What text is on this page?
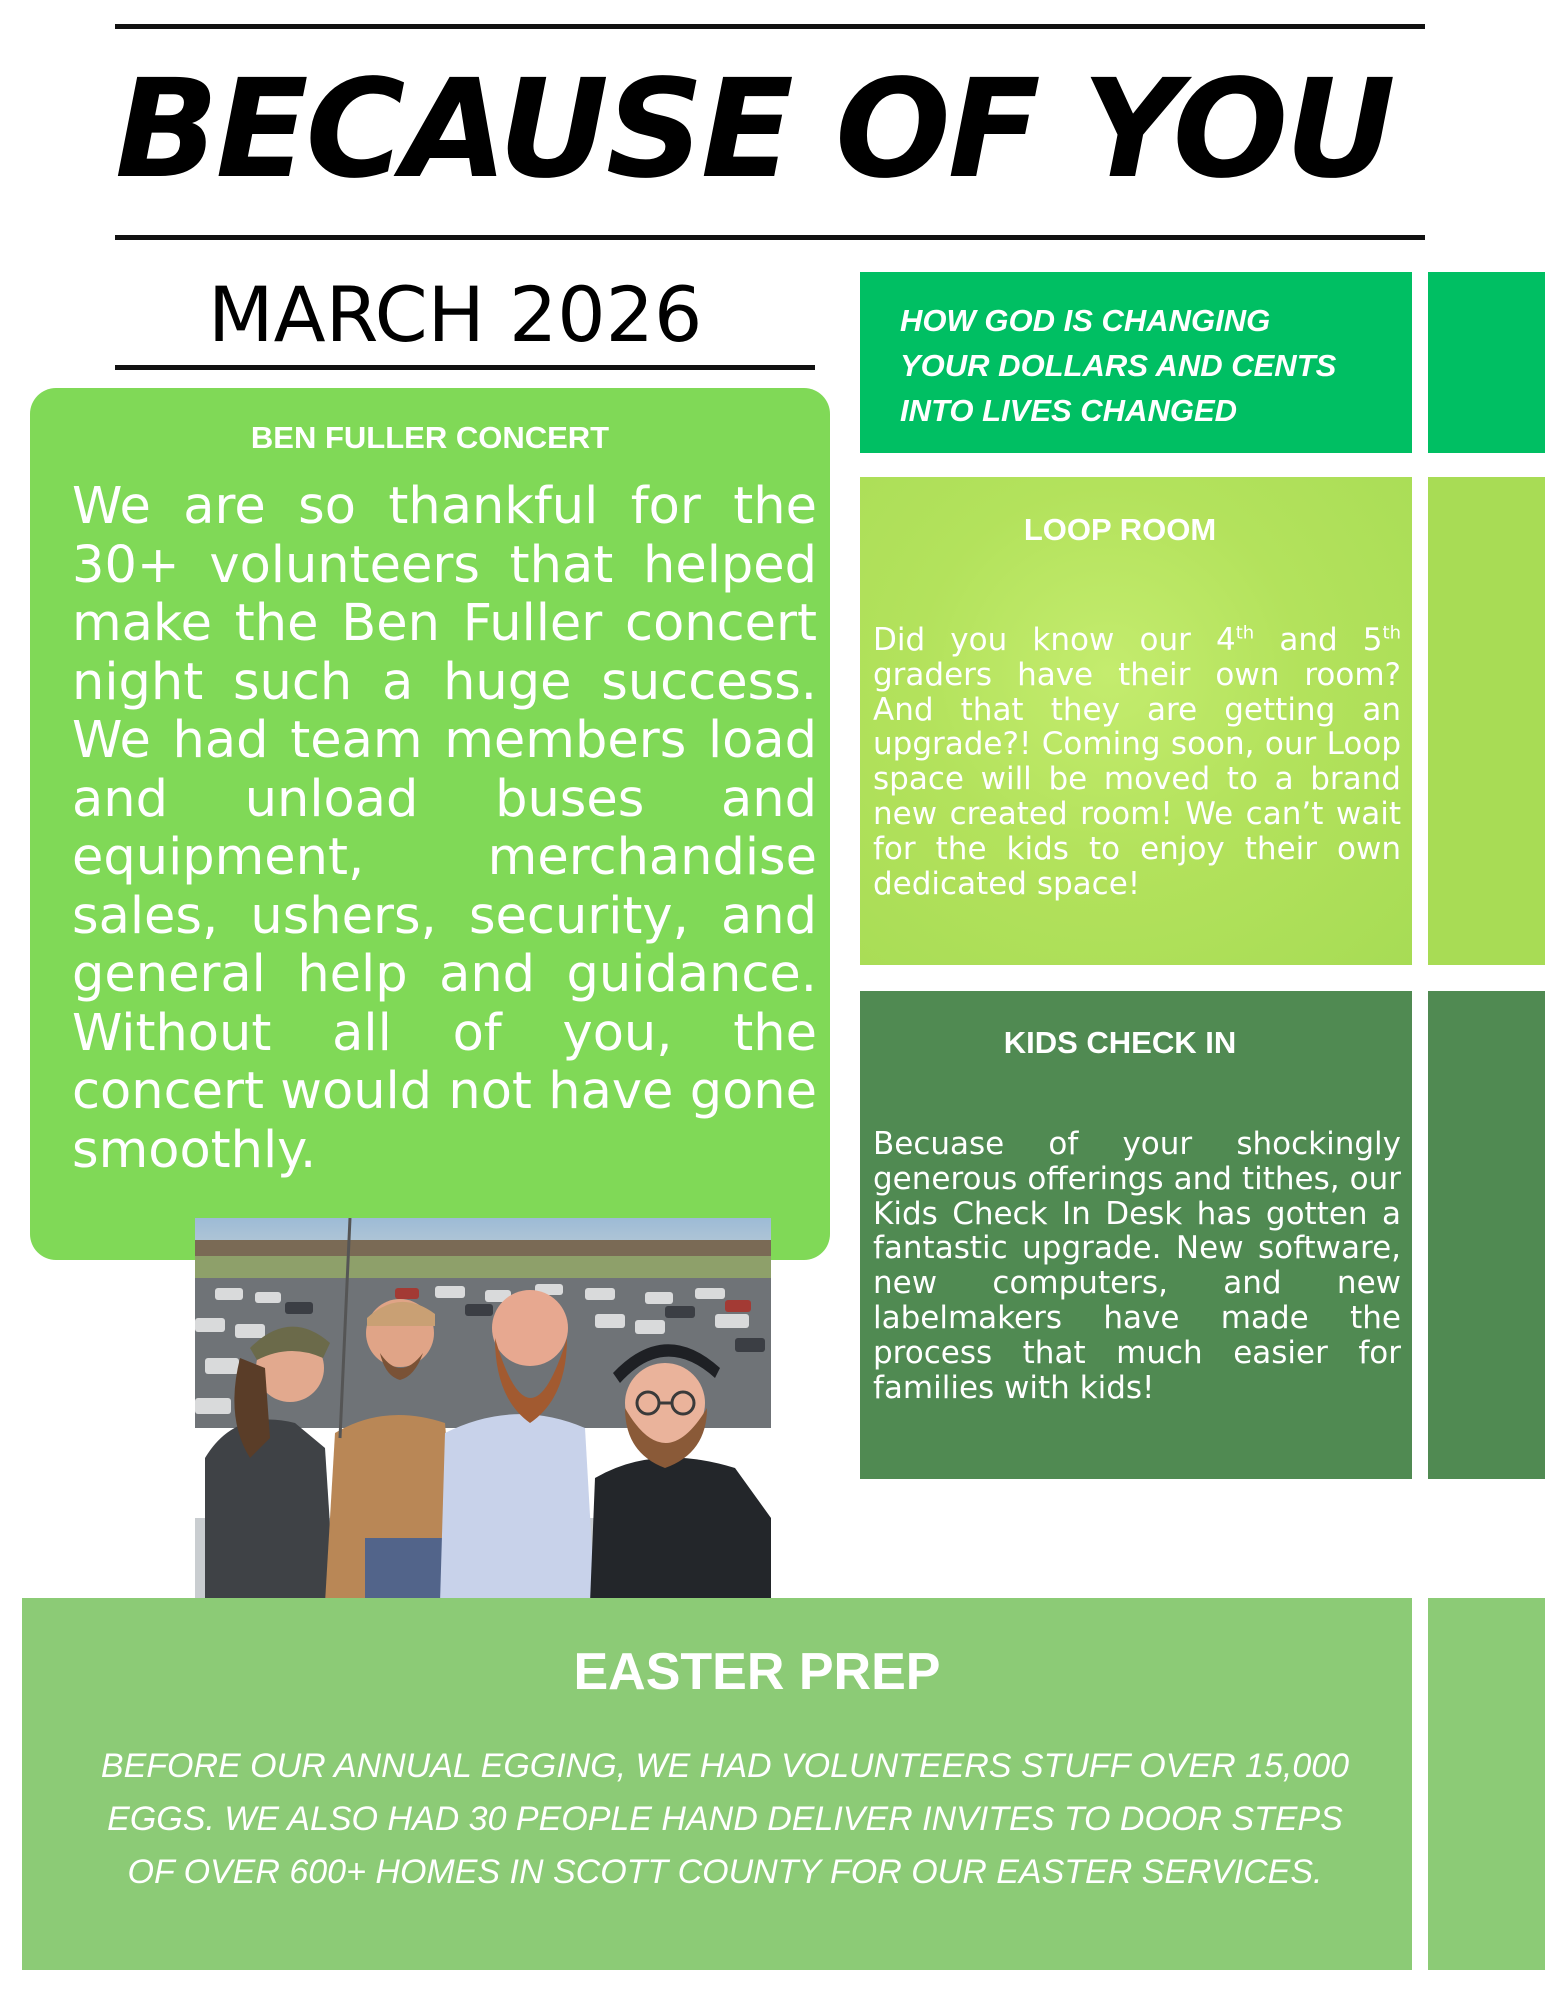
BECAUSE OF YOU
MARCH 2026
BEN FULLER CONCERT
We are so thankful for the 30+ volunteers that helped make the Ben Fuller concert night such a huge success. We had team members load and unload buses and equipment, merchandise sales, ushers, security, and general help and guidance. Without all of you, the concert would not have gone smoothly.
HOW GOD IS CHANGING
YOUR DOLLARS AND CENTS
INTO LIVES CHANGED
LOOP ROOM
Did you know our 4th and 5th graders have their own room? And that they are getting an upgrade?! Coming soon, our Loop space will be moved to a brand new created room! We can’t wait for the kids to enjoy their own dedicated space!
KIDS CHECK IN
Becuase of your shockingly generous offerings and tithes, our Kids Check In Desk has gotten a fantastic upgrade. New software, new computers, and new labelmakers have made the process that much easier for families with kids!
EASTER PREP
BEFORE OUR ANNUAL EGGING, WE HAD VOLUNTEERS STUFF OVER 15,000
EGGS. WE ALSO HAD 30 PEOPLE HAND DELIVER INVITES TO DOOR STEPS
OF OVER 600+ HOMES IN SCOTT COUNTY FOR OUR EASTER SERVICES.
